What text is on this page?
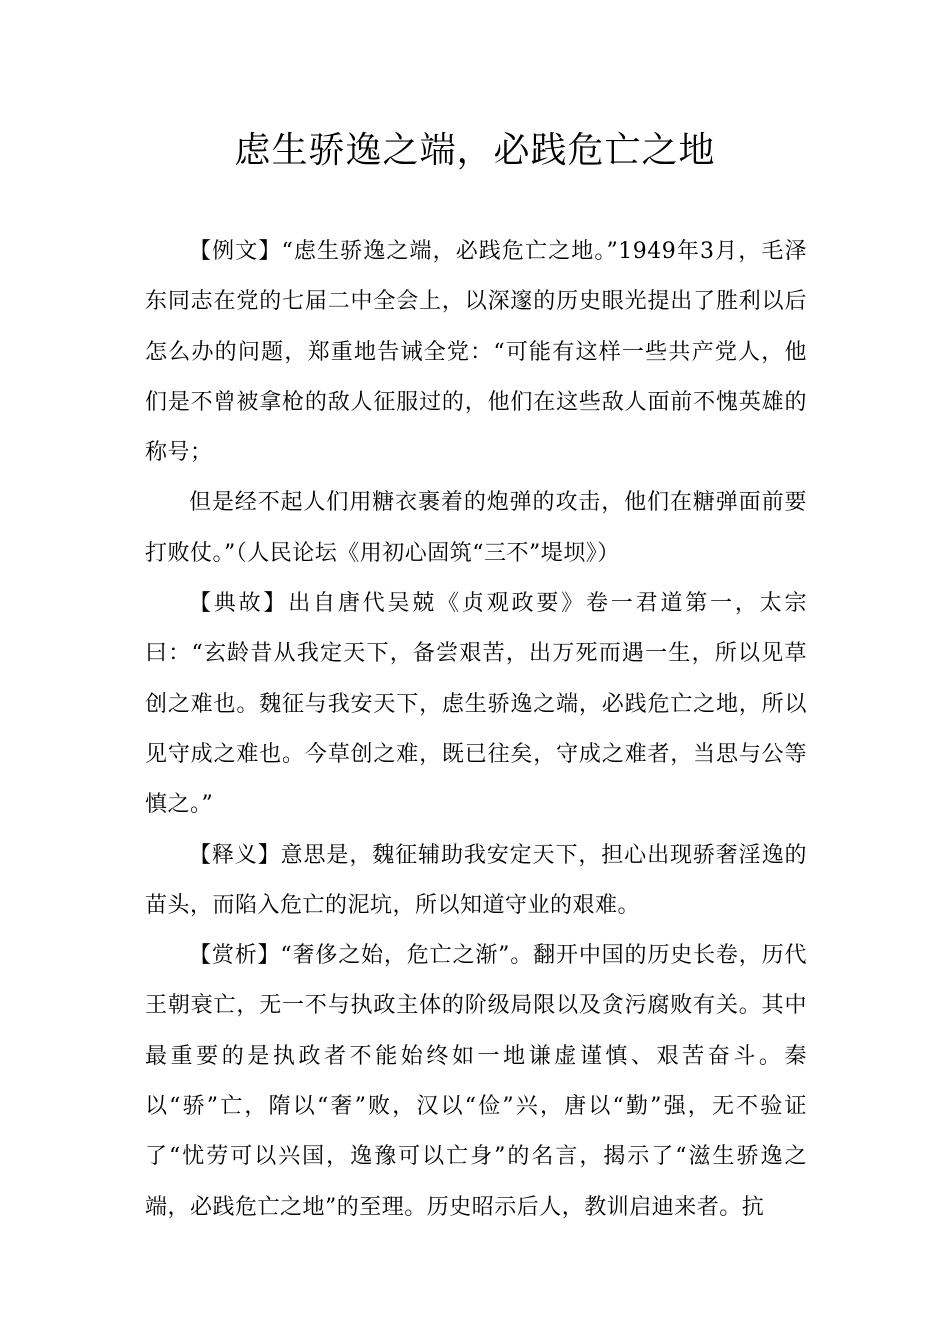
虑生骄逸之端，必践危亡之地

【例文】“虑生骄逸之端，必践危亡之地。”1949年3月，毛泽东同志在党的七届二中全会上，以深邃的历史眼光提出了胜利以后怎么办的问题，郑重地告诫全党：“可能有这样一些共产党人，他们是不曾被拿枪的敌人征服过的，他们在这些敌人面前不愧英雄的称号；

但是经不起人们用糖衣裹着的炮弹的攻击，他们在糖弹面前要打败仗。”（人民论坛《用初心固筑“三不”堤坝》）

【典故】出自唐代吴兢《贞观政要》卷一君道第一，太宗曰：“玄龄昔从我定天下，备尝艰苦，出万死而遇一生，所以见草创之难也。魏征与我安天下，虑生骄逸之端，必践危亡之地，所以见守成之难也。今草创之难，既已往矣，守成之难者，当思与公等慎之。”

【释义】意思是，魏征辅助我安定天下，担心出现骄奢淫逸的苗头，而陷入危亡的泥坑，所以知道守业的艰难。

【赏析】“奢侈之始，危亡之渐”。翻开中国的历史长卷，历代王朝衰亡，无一不与执政主体的阶级局限以及贪污腐败有关。其中最重要的是执政者不能始终如一地谦虚谨慎、艰苦奋斗。秦以“骄”亡，隋以“奢”败，汉以“俭”兴，唐以“勤”强，无不验证了“忧劳可以兴国，逸豫可以亡身”的名言，揭示了“滋生骄逸之端，必践危亡之地”的至理。历史昭示后人，教训启迪来者。抗
